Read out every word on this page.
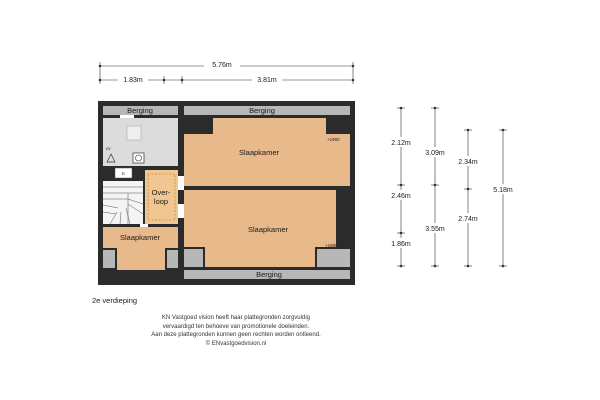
5.76m
1.83m	3.81m
Berging	Berging
cv
K
Over-
loop
Slaapkamer
Slaapkamer
+1900
Slaapkamer
+1900
Berging
2.12m
2.46m
1.86m
3.09m
3.55m
2.34m
2.74m
5.18m
2e verdieping
KN Vastgoed vision heeft haar plattegronden zorgvuldig
vervaardigd ten behoeve van promotionele doeleinden.
Aan deze plattegronden kunnen geen rechten worden ontleend.
© ENvastgoedvision.nl
